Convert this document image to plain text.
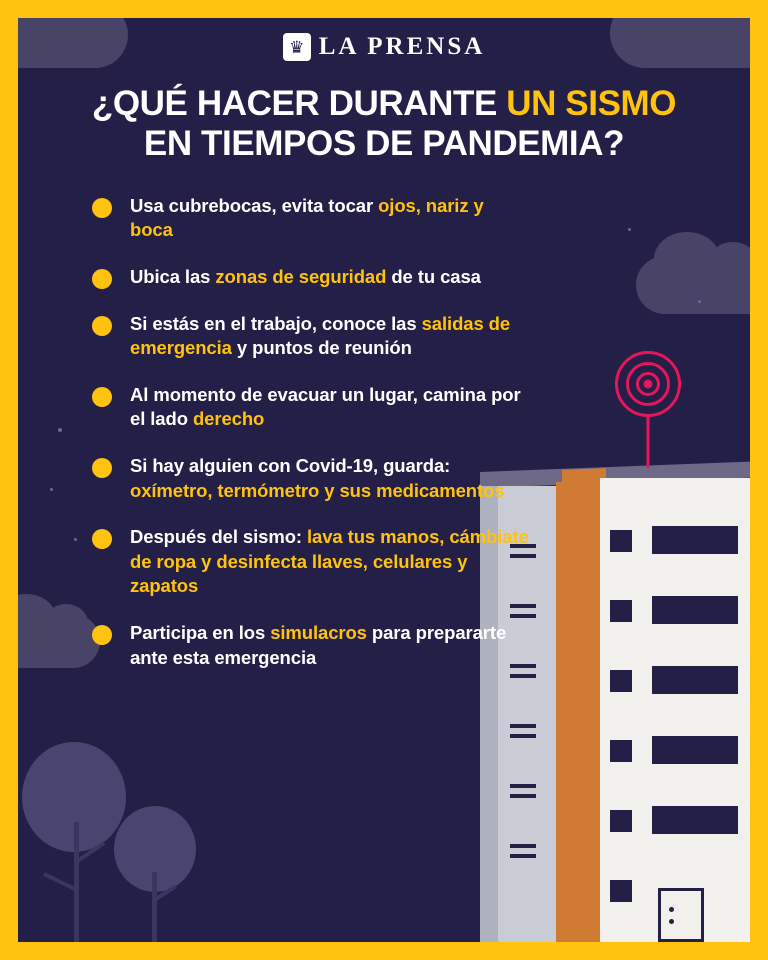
♛ LA PRENSA
¿QUÉ HACER DURANTE UN SISMO
EN TIEMPOS DE PANDEMIA?
Usa cubrebocas, evita tocar ojos, nariz y boca
Ubica las zonas de seguridad de tu casa
Si estás en el trabajo, conoce las salidas de emergencia y puntos de reunión
Al momento de evacuar un lugar, camina por el lado derecho
Si hay alguien con Covid-19, guarda: oxímetro, termómetro y sus medicamentos
Después del sismo: lava tus manos, cámbiate de ropa y desinfecta llaves, celulares y zapatos
Participa en los simulacros para prepararte ante esta emergencia
